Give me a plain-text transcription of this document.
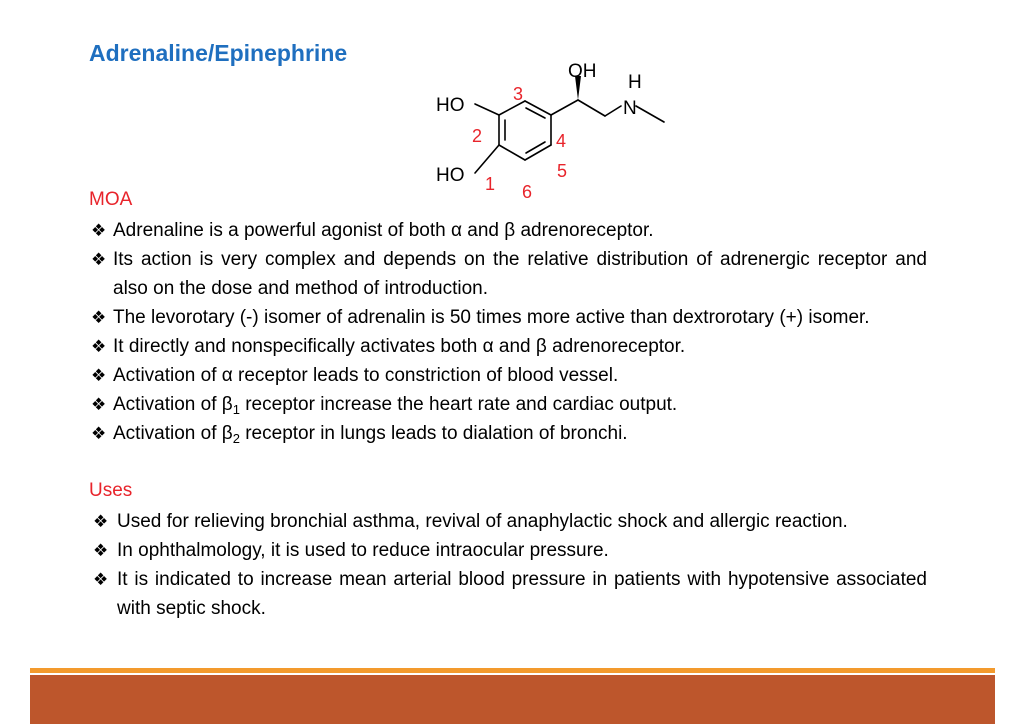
Adrenaline/Epinephrine
OH
H
N
HO
HO 1
2
3
4
5
6
MOA
❖ Adrenaline is a powerful agonist of both α and β adrenoreceptor.
❖ Its action is very complex and depends on the relative distribution of adrenergic receptor and also on the dose and method of introduction.
❖ The levorotary (-) isomer of adrenalin is 50 times more active than dextrorotary (+) isomer.
❖ It directly and nonspecifically activates both α and β adrenoreceptor.
❖ Activation of α receptor leads to constriction of blood vessel.
❖ Activation of $\beta_1$ receptor increase the heart rate and cardiac output.
❖ Activation of $\beta_2$ receptor in lungs leads to dialation of bronchi.
Uses
❖ Used for relieving bronchial asthma, revival of anaphylactic shock and allergic reaction.
❖ In ophthalmology, it is used to reduce intraocular pressure.
❖ It is indicated to increase mean arterial blood pressure in patients with hypotensive associated with septic shock.
